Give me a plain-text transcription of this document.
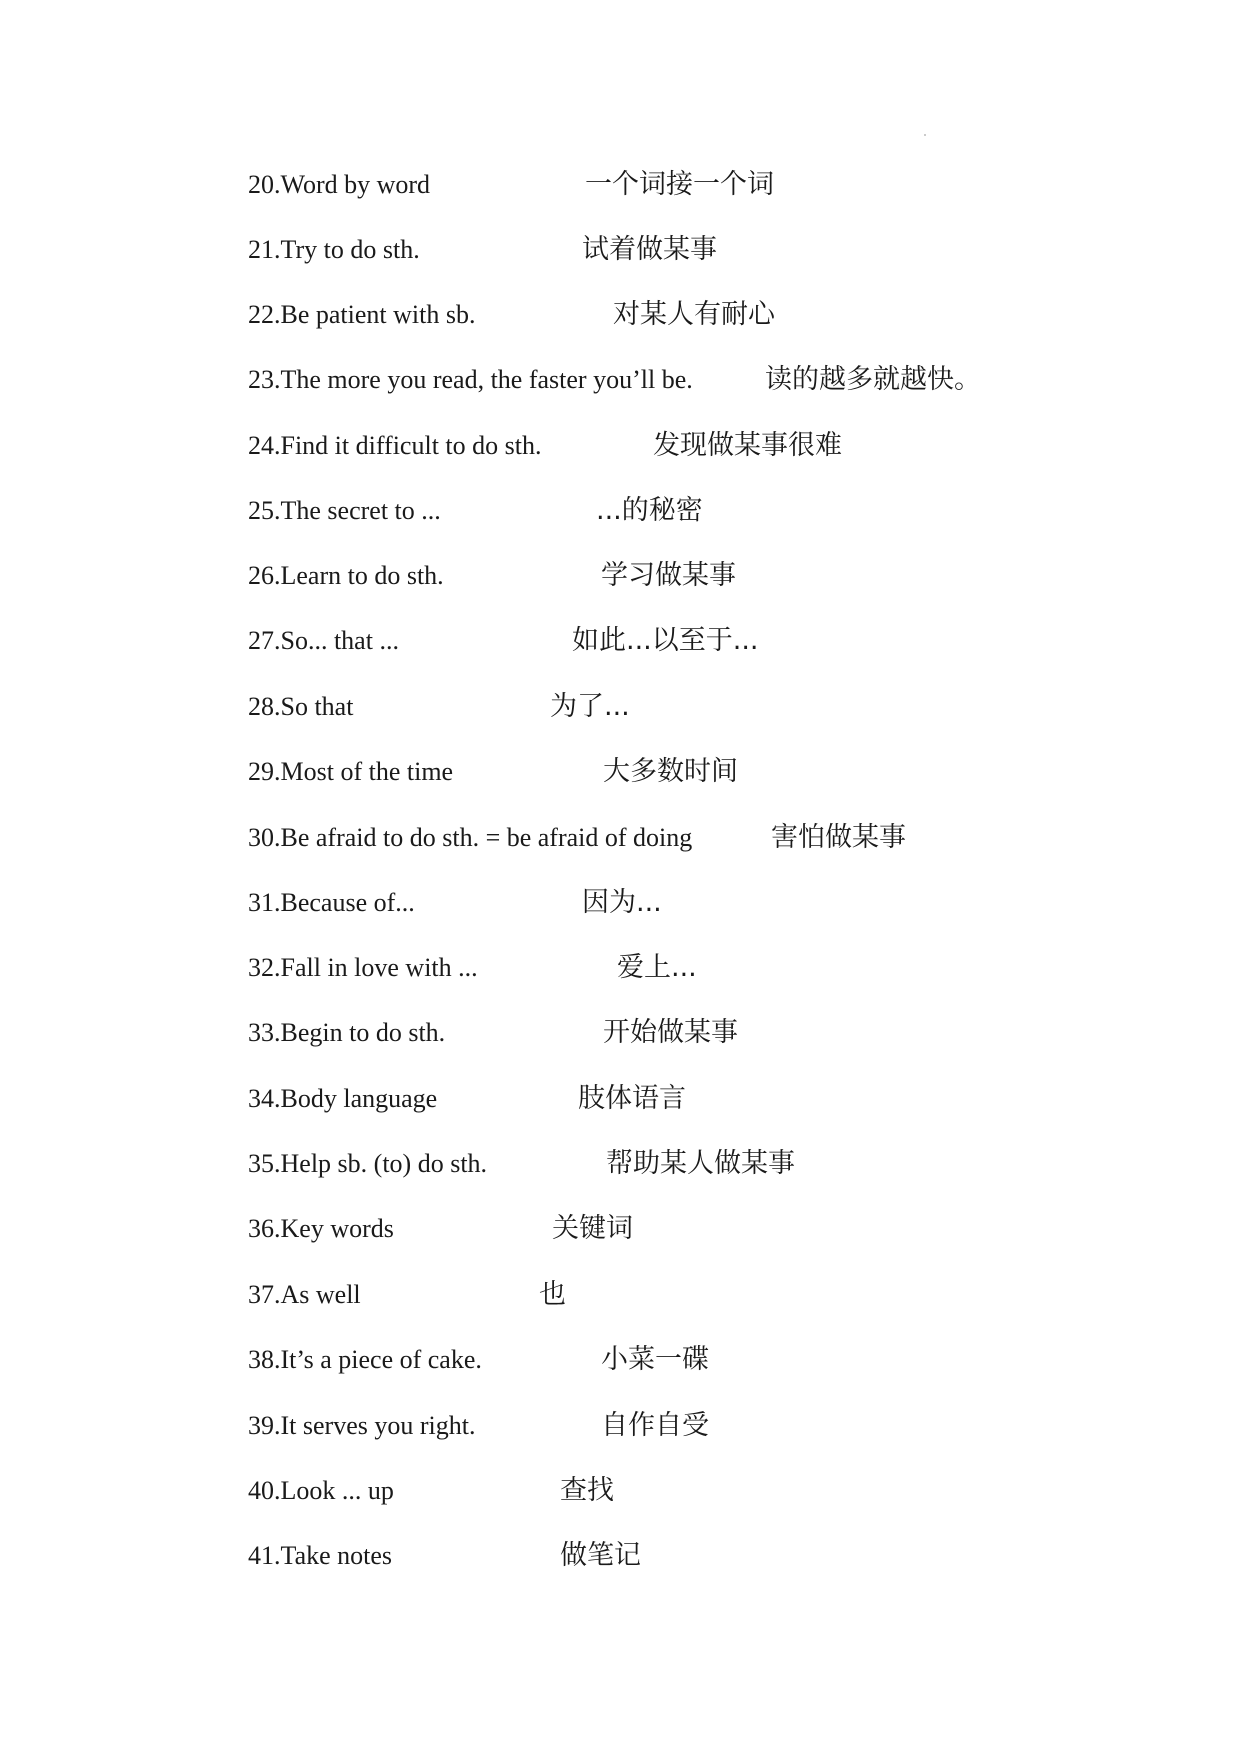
20.Word by word	一个词接一个词
21.Try to do sth.	试着做某事
22.Be patient with sb.	对某人有耐心
23.The more you read, the faster you’ll be.	读的越多就越快。
24.Find it difficult to do sth.	发现做某事很难
25.The secret to ...	...的秘密
26.Learn to do sth.	学习做某事
27.So... that ...	如此...以至于...
28.So that	为了...
29.Most of the time	大多数时间
30.Be afraid to do sth. = be afraid of doing	害怕做某事
31.Because of...	因为...
32.Fall in love with ...	爱上...
33.Begin to do sth.	开始做某事
34.Body language	肢体语言
35.Help sb. (to) do sth.	帮助某人做某事
36.Key words	关键词
37.As well	也
38.It’s a piece of cake.	小菜一碟
39.It serves you right.	自作自受
40.Look ... up	查找
41.Take notes	做笔记
